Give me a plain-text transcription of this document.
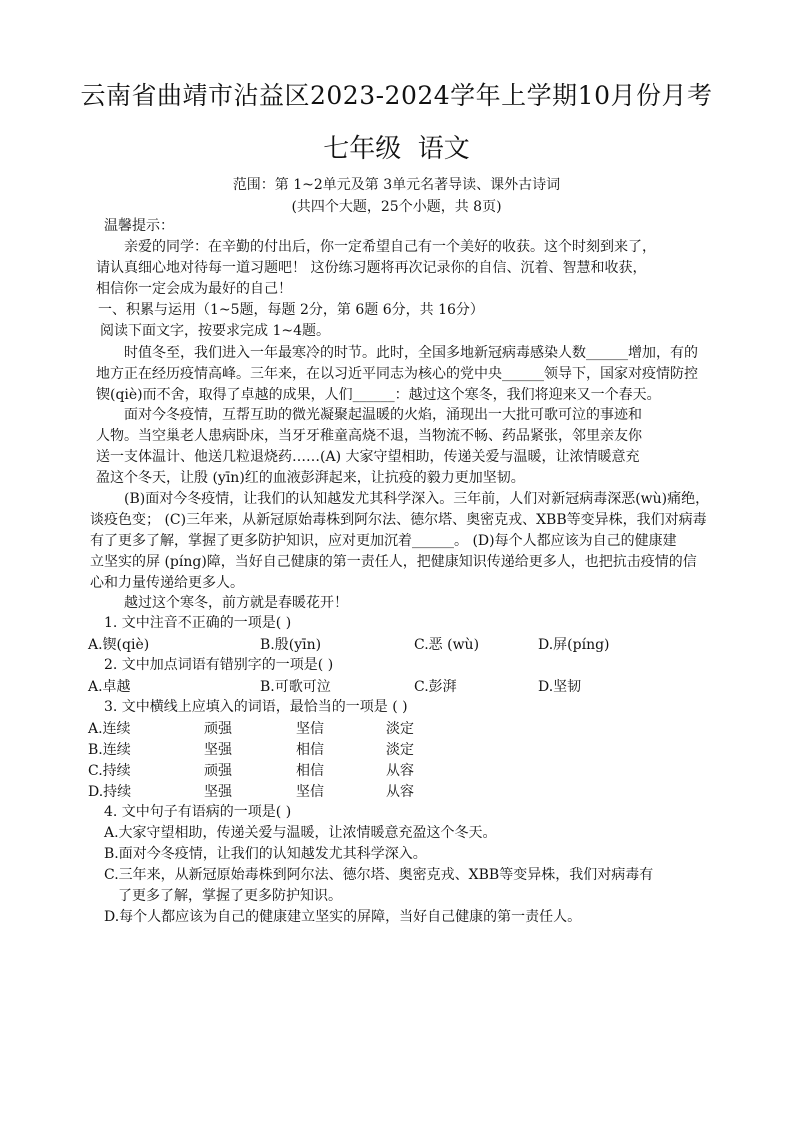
云南省曲靖市沾益区2023-2024学年上学期10月份月考
七年级  语文
范围：第 1~2单元及第 3单元名著导读、课外古诗词
(共四个大题，25个小题，共 8页)
温馨提示：
亲爱的同学：在辛勤的付出后，你一定希望自己有一个美好的收获。这个时刻到来了，
请认真细心地对待每一道习题吧！ 这份练习题将再次记录你的自信、沉着、智慧和收获，
相信你一定会成为最好的自己！
一、积累与运用（1~5题，每题 2分，第 6题 6分，共 16分）
阅读下面文字，按要求完成 1~4题。
时值冬至，我们进入一年最寒冷的时节。此时，全国多地新冠病毒感染人数______增加，有的
地方正在经历疫情高峰。三年来，在以习近平同志为核心的党中央______领导下，国家对疫情防控
锲(qiè)而不舍，取得了卓越的成果，人们______：越过这个寒冬，我们将迎来又一个春天。
面对今冬疫情，互帮互助的微光凝聚起温暖的火焰，涌现出一大批可歌可泣的事迹和
人物。当空巢老人患病卧床，当牙牙稚童高烧不退，当物流不畅、药品紧张，邻里亲友你
送一支体温计、他送几粒退烧药……(A) 大家守望相助，传递关爱与温暖，让浓情暖意充
盈这个冬天，让殷 (yīn)红的血液彭湃起来，让抗疫的毅力更加坚韧。
(B)面对今冬疫情，让我们的认知越发尤其科学深入。三年前，人们对新冠病毒深恶(wù)痛绝，
谈疫色变； (C)三年来，从新冠原始毒株到阿尔法、德尔塔、奥密克戎、XBB等变异株，我们对病毒
有了更多了解，掌握了更多防护知识，应对更加沉着______。 (D)每个人都应该为自己的健康建
立坚实的屏 (píng)障，当好自己健康的第一责任人，把健康知识传递给更多人，也把抗击疫情的信
心和力量传递给更多人。
越过这个寒冬，前方就是春暖花开！
1. 文中注音不正确的一项是( )
A.锲(qiè)	B.殷(yīn)	C.恶 (wù)	D.屏(píng)
2. 文中加点词语有错别字的一项是( )
A.卓越	B.可歌可泣	C.彭湃	D.坚韧
3. 文中横线上应填入的词语，最恰当的一项是 ( )
A.连续	顽强	坚信	淡定
B.连续	坚强	相信	淡定
C.持续	顽强	相信	从容
D.持续	坚强	坚信	从容
4. 文中句子有语病的一项是( )
A.大家守望相助，传递关爱与温暖，让浓情暖意充盈这个冬天。
B.面对今冬疫情，让我们的认知越发尤其科学深入。
C.三年来，从新冠原始毒株到阿尔法、德尔塔、奥密克戎、XBB等变异株，我们对病毒有
了更多了解，掌握了更多防护知识。
D.每个人都应该为自己的健康建立坚实的屏障，当好自己健康的第一责任人。
